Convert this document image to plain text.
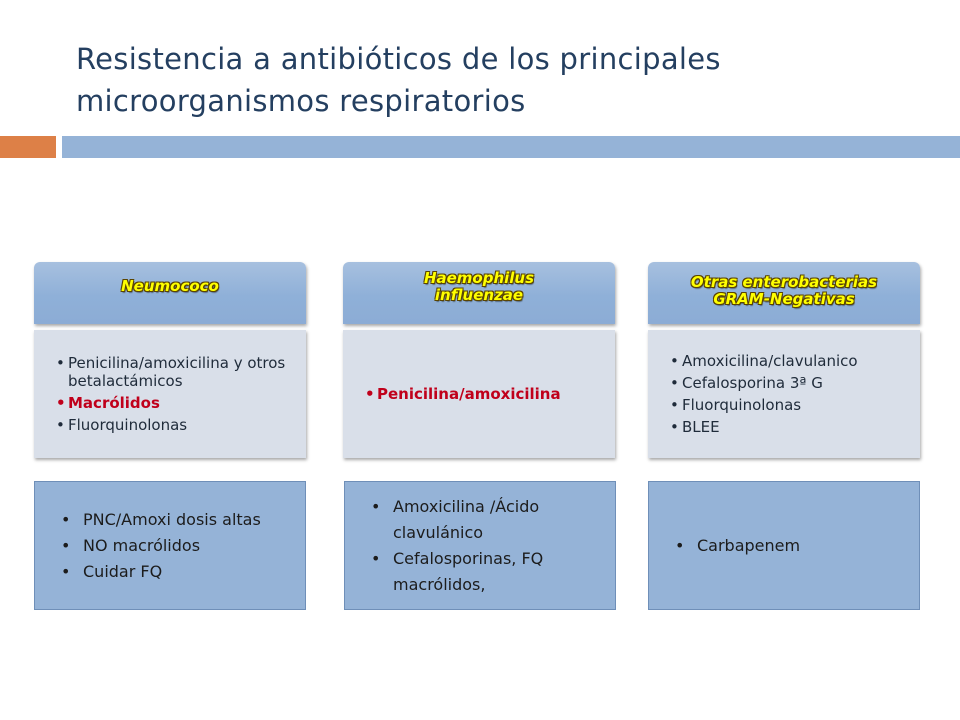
Resistencia a antibióticos de los principales microorganismos respiratorios
Neumococo
• Penicilina/amoxicilina y otros betalactámicos
• Macrólidos
• Fluorquinolonas
Haemophilus influenzae
• Penicilina/amoxicilina
Otras enterobacterias GRAM-Negativas
• Amoxicilina/clavulanico
• Cefalosporina 3ª G
• Fluorquinolonas
• BLEE
• PNC/Amoxi dosis altas
• NO macrólidos
• Cuidar FQ
• Amoxicilina /Ácido clavulánico
• Cefalosporinas, FQ macrólidos,
• Carbapenem
